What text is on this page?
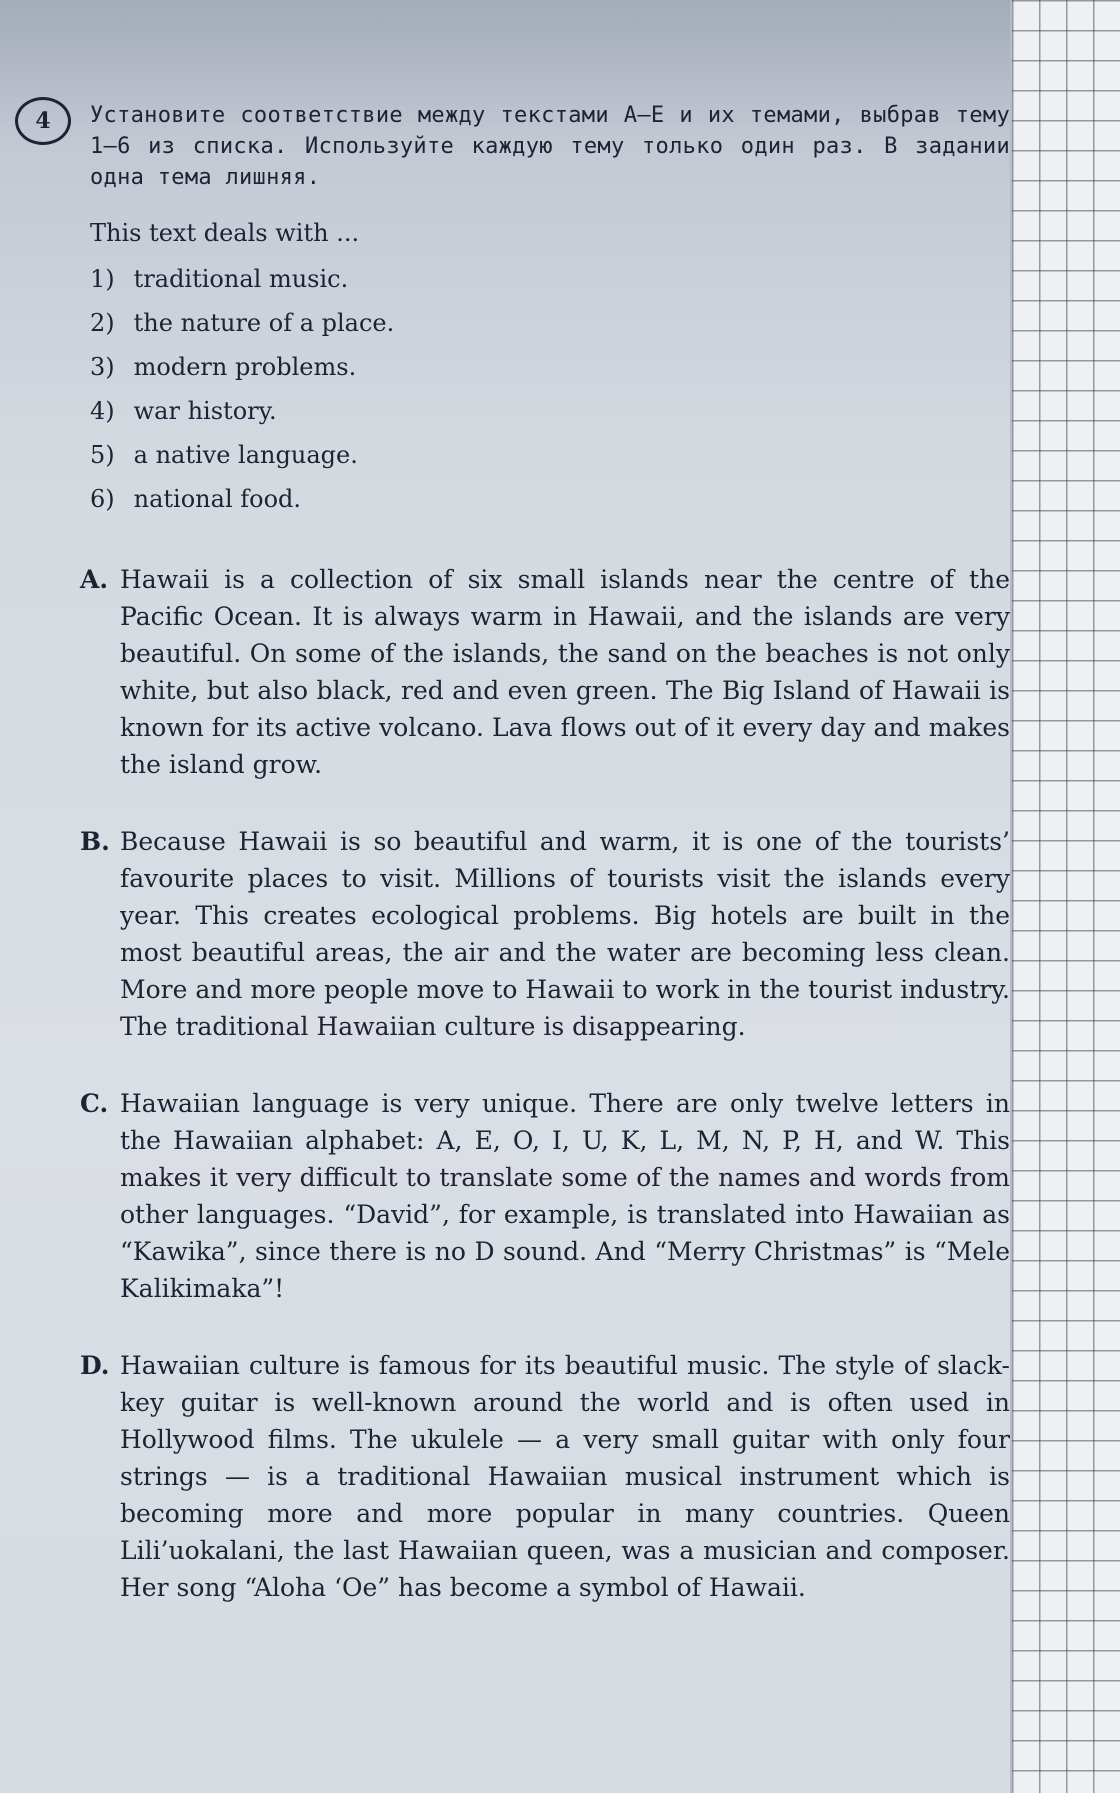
4	Установите соответствие между текстами А–Е и их темами, выбрав тему 1–6 из списка. Используйте каждую тему только один раз. В задании одна тема лишняя.

This text deals with ...

1) traditional music.
2) the nature of a place.
3) modern problems.
4) war history.
5) a native language.
6) national food.
A. Hawaii is a collection of six small islands near the centre of the Pacific Ocean. It is always warm in Hawaii, and the islands are very beautiful. On some of the islands, the sand on the beaches is not only white, but also black, red and even green. The Big Island of Hawaii is known for its active volcano. Lava flows out of it every day and makes the island grow.
B. Because Hawaii is so beautiful and warm, it is one of the tourists’ favourite places to visit. Millions of tourists visit the islands every year. This creates ecological problems. Big hotels are built in the most beautiful areas, the air and the water are becoming less clean. More and more people move to Hawaii to work in the tourist industry. The traditional Hawaiian culture is disappearing.
C. Hawaiian language is very unique. There are only twelve letters in the Hawaiian alphabet: A, E, O, I, U, K, L, M, N, P, H, and W. This makes it very difficult to translate some of the names and words from other languages. “David”, for example, is translated into Hawaiian as “Kawika”, since there is no D sound. And “Merry Christmas” is “Mele Kalikimaka”!
D. Hawaiian culture is famous for its beautiful music. The style of slack-key guitar is well-known around the world and is often used in Hollywood films. The ukulele — a very small guitar with only four strings — is a traditional Hawaiian musical instrument which is becoming more and more popular in many countries. Queen Lili’uokalani, the last Hawaiian queen, was a musician and composer. Her song “Aloha ‘Oe” has become a symbol of Hawaii.
